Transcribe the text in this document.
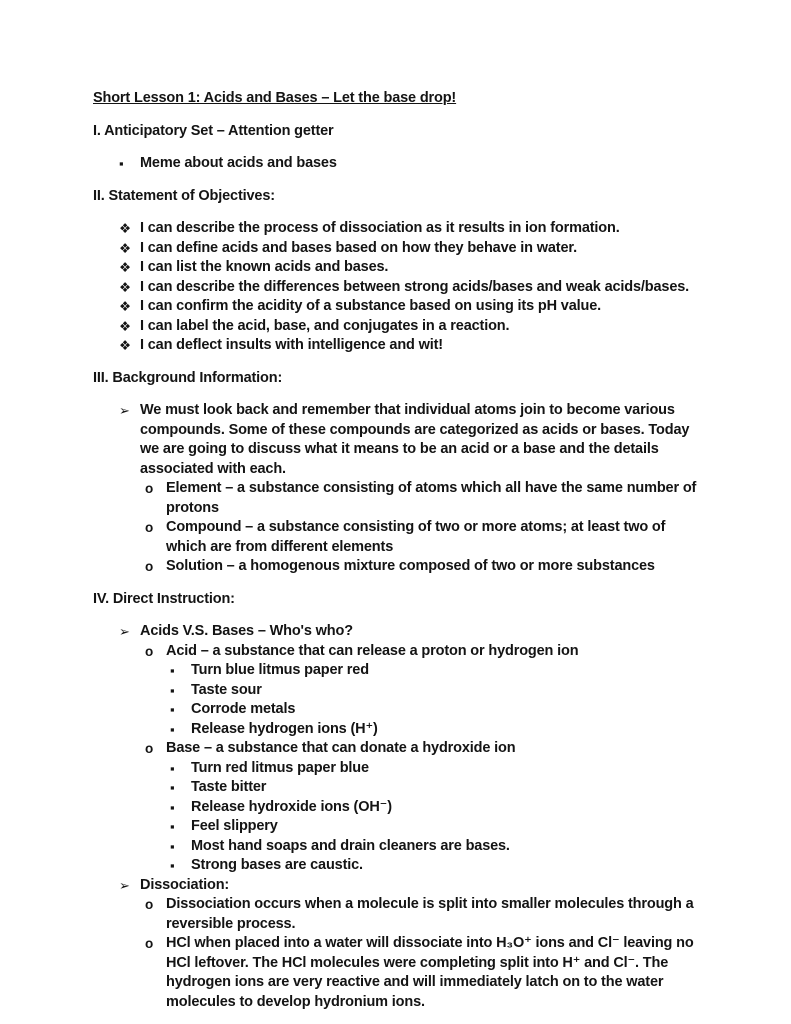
Short Lesson 1: Acids and Bases – Let the base drop!

I. Anticipatory Set – Attention getter

▪	Meme about acids and bases

II. Statement of Objectives:

❖ I can describe the process of dissociation as it results in ion formation.
❖ I can define acids and bases based on how they behave in water.
❖ I can list the known acids and bases.
❖ I can describe the differences between strong acids/bases and weak acids/bases.
❖ I can confirm the acidity of a substance based on using its pH value.
❖ I can label the acid, base, and conjugates in a reaction.
❖ I can deflect insults with intelligence and wit!

III. Background Information:

➢ We must look back and remember that individual atoms join to become various compounds. Some of these compounds are categorized as acids or bases. Today we are going to discuss what it means to be an acid or a base and the details associated with each.
o Element – a substance consisting of atoms which all have the same number of protons
o Compound – a substance consisting of two or more atoms; at least two of which are from different elements
o Solution – a homogenous mixture composed of two or more substances

IV. Direct Instruction:

➢ Acids V.S. Bases – Who's who?
o Acid – a substance that can release a proton or hydrogen ion
▪	Turn blue litmus paper red
▪	Taste sour
▪	Corrode metals
▪	Release hydrogen ions (H⁺)
o Base – a substance that can donate a hydroxide ion
▪	Turn red litmus paper blue
▪	Taste bitter
▪	Release hydroxide ions (OH⁻)
▪	Feel slippery
▪	Most hand soaps and drain cleaners are bases.
▪	Strong bases are caustic.
➢ Dissociation:
o Dissociation occurs when a molecule is split into smaller molecules through a reversible process.
o HCl when placed into a water will dissociate into H₃O⁺ ions and Cl⁻ leaving no HCl leftover. The HCl molecules were completing split into H⁺ and Cl⁻. The hydrogen ions are very reactive and will immediately latch on to the water molecules to develop hydronium ions.
